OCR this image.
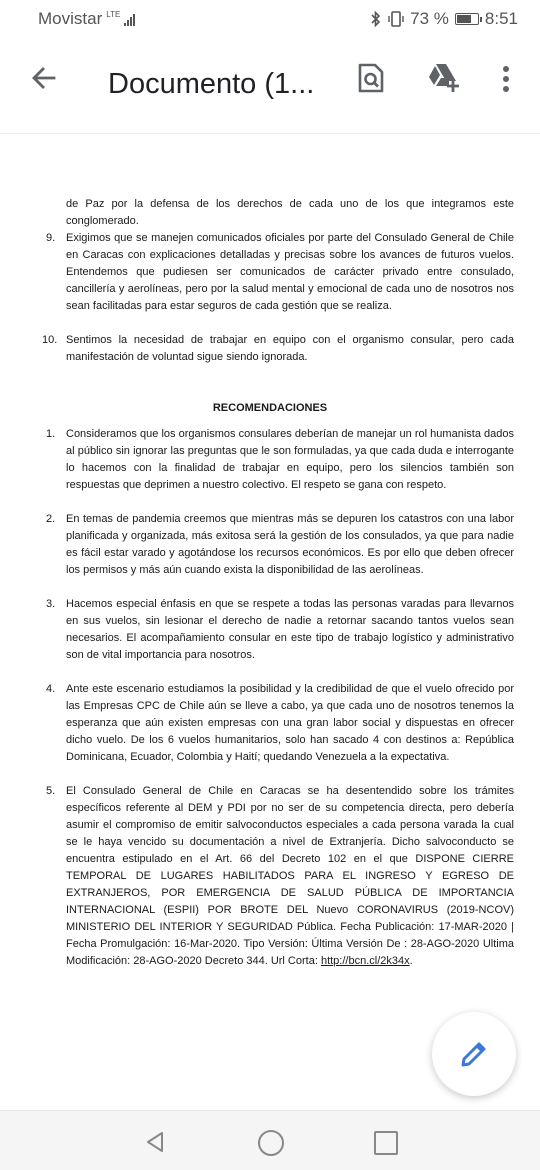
Movistar LTE	73 % 8:51
Documento (1...

de Paz por la defensa de los derechos de cada uno de los que integramos este conglomerado.

9. Exigimos que se manejen comunicados oficiales por parte del Consulado General de Chile en Caracas con explicaciones detalladas y precisas sobre los avances de futuros vuelos. Entendemos que pudiesen ser comunicados de carácter privado entre consulado, cancillería y aerolíneas, pero por la salud mental y emocional de cada uno de nosotros nos sean facilitadas para estar seguros de cada gestión que se realiza.
10. Sentimos la necesidad de trabajar en equipo con el organismo consular, pero cada manifestación de voluntad sigue siendo ignorada.

RECOMENDACIONES

1. Consideramos que los organismos consulares deberían de manejar un rol humanista dados al público sin ignorar las preguntas que le son formuladas, ya que cada duda e interrogante lo hacemos con la finalidad de trabajar en equipo, pero los silencios también son respuestas que deprimen a nuestro colectivo. El respeto se gana con respeto.
2. En temas de pandemia creemos que mientras más se depuren los catastros con una labor planificada y organizada, más exitosa será la gestión de los consulados, ya que para nadie es fácil estar varado y agotándose los recursos económicos. Es por ello que deben ofrecer los permisos y más aún cuando exista la disponibilidad de las aerolíneas.
3. Hacemos especial énfasis en que se respete a todas las personas varadas para llevarnos en sus vuelos, sin lesionar el derecho de nadie a retornar sacando tantos vuelos sean necesarios. El acompañamiento consular en este tipo de trabajo logístico y administrativo son de vital importancia para nosotros.
4. Ante este escenario estudiamos la posibilidad y la credibilidad de que el vuelo ofrecido por las Empresas CPC de Chile aún se lleve a cabo, ya que cada uno de nosotros tenemos la esperanza que aún existen empresas con una gran labor social y dispuestas en ofrecer dicho vuelo. De los 6 vuelos humanitarios, solo han sacado 4 con destinos a: República Dominicana, Ecuador, Colombia y Haití; quedando Venezuela a la expectativa.
5. El Consulado General de Chile en Caracas se ha desentendido sobre los trámites específicos referente al DEM y PDI por no ser de su competencia directa, pero debería asumir el compromiso de emitir salvoconductos especiales a cada persona varada la cual se le haya vencido su documentación a nivel de Extranjería. Dicho salvoconducto se encuentra estipulado en el Art. 66 del Decreto 102 en el que DISPONE CIERRE TEMPORAL DE LUGARES HABILITADOS PARA EL INGRESO Y EGRESO DE EXTRANJEROS, POR EMERGENCIA DE SALUD PÚBLICA DE IMPORTANCIA INTERNACIONAL (ESPII) POR BROTE DEL Nuevo CORONAVIRUS (2019-NCOV) MINISTERIO DEL INTERIOR Y SEGURIDAD Pública. Fecha Publicación: 17-MAR-2020 | Fecha Promulgación: 16-Mar-2020. Tipo Versión: Última Versión De : 28-AGO-2020 Ultima Modificación: 28-AGO-2020 Decreto 344. Url Corta: http://bcn.cl/2k34x.
